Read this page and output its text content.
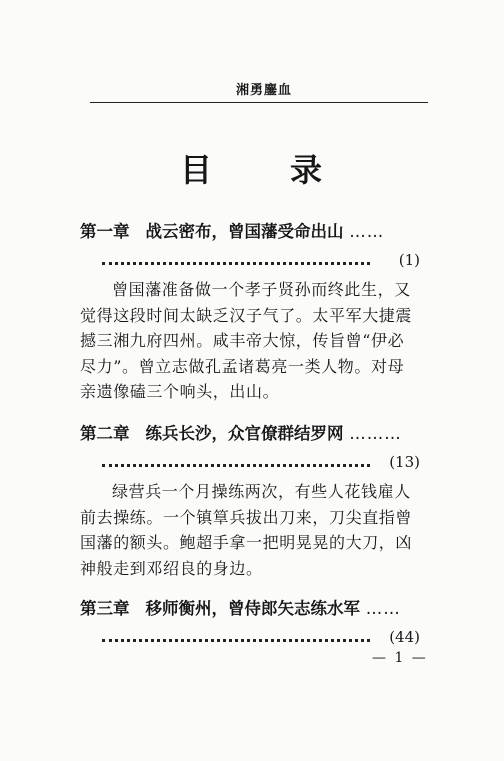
湘勇鏖血
目 录
第一章 战云密布，曾国藩受命出山 ……
(1)
曾国藩准备做一个孝子贤孙而终此生，又觉得这段时间太缺乏汉子气了。太平军大捷震撼三湘九府四州。咸丰帝大惊，传旨曾“伊必尽力”。曾立志做孔孟诸葛亮一类人物。对母亲遗像磕三个响头，出山。
第二章 练兵长沙，众官僚群结罗网 ………
(13)
绿营兵一个月操练两次，有些人花钱雇人前去操练。一个镇筸兵拔出刀来，刀尖直指曾国藩的额头。鲍超手拿一把明晃晃的大刀，凶神般走到邓绍良的身边。
第三章 移师衡州，曾侍郎矢志练水军 ……
(44)
— 1 —
